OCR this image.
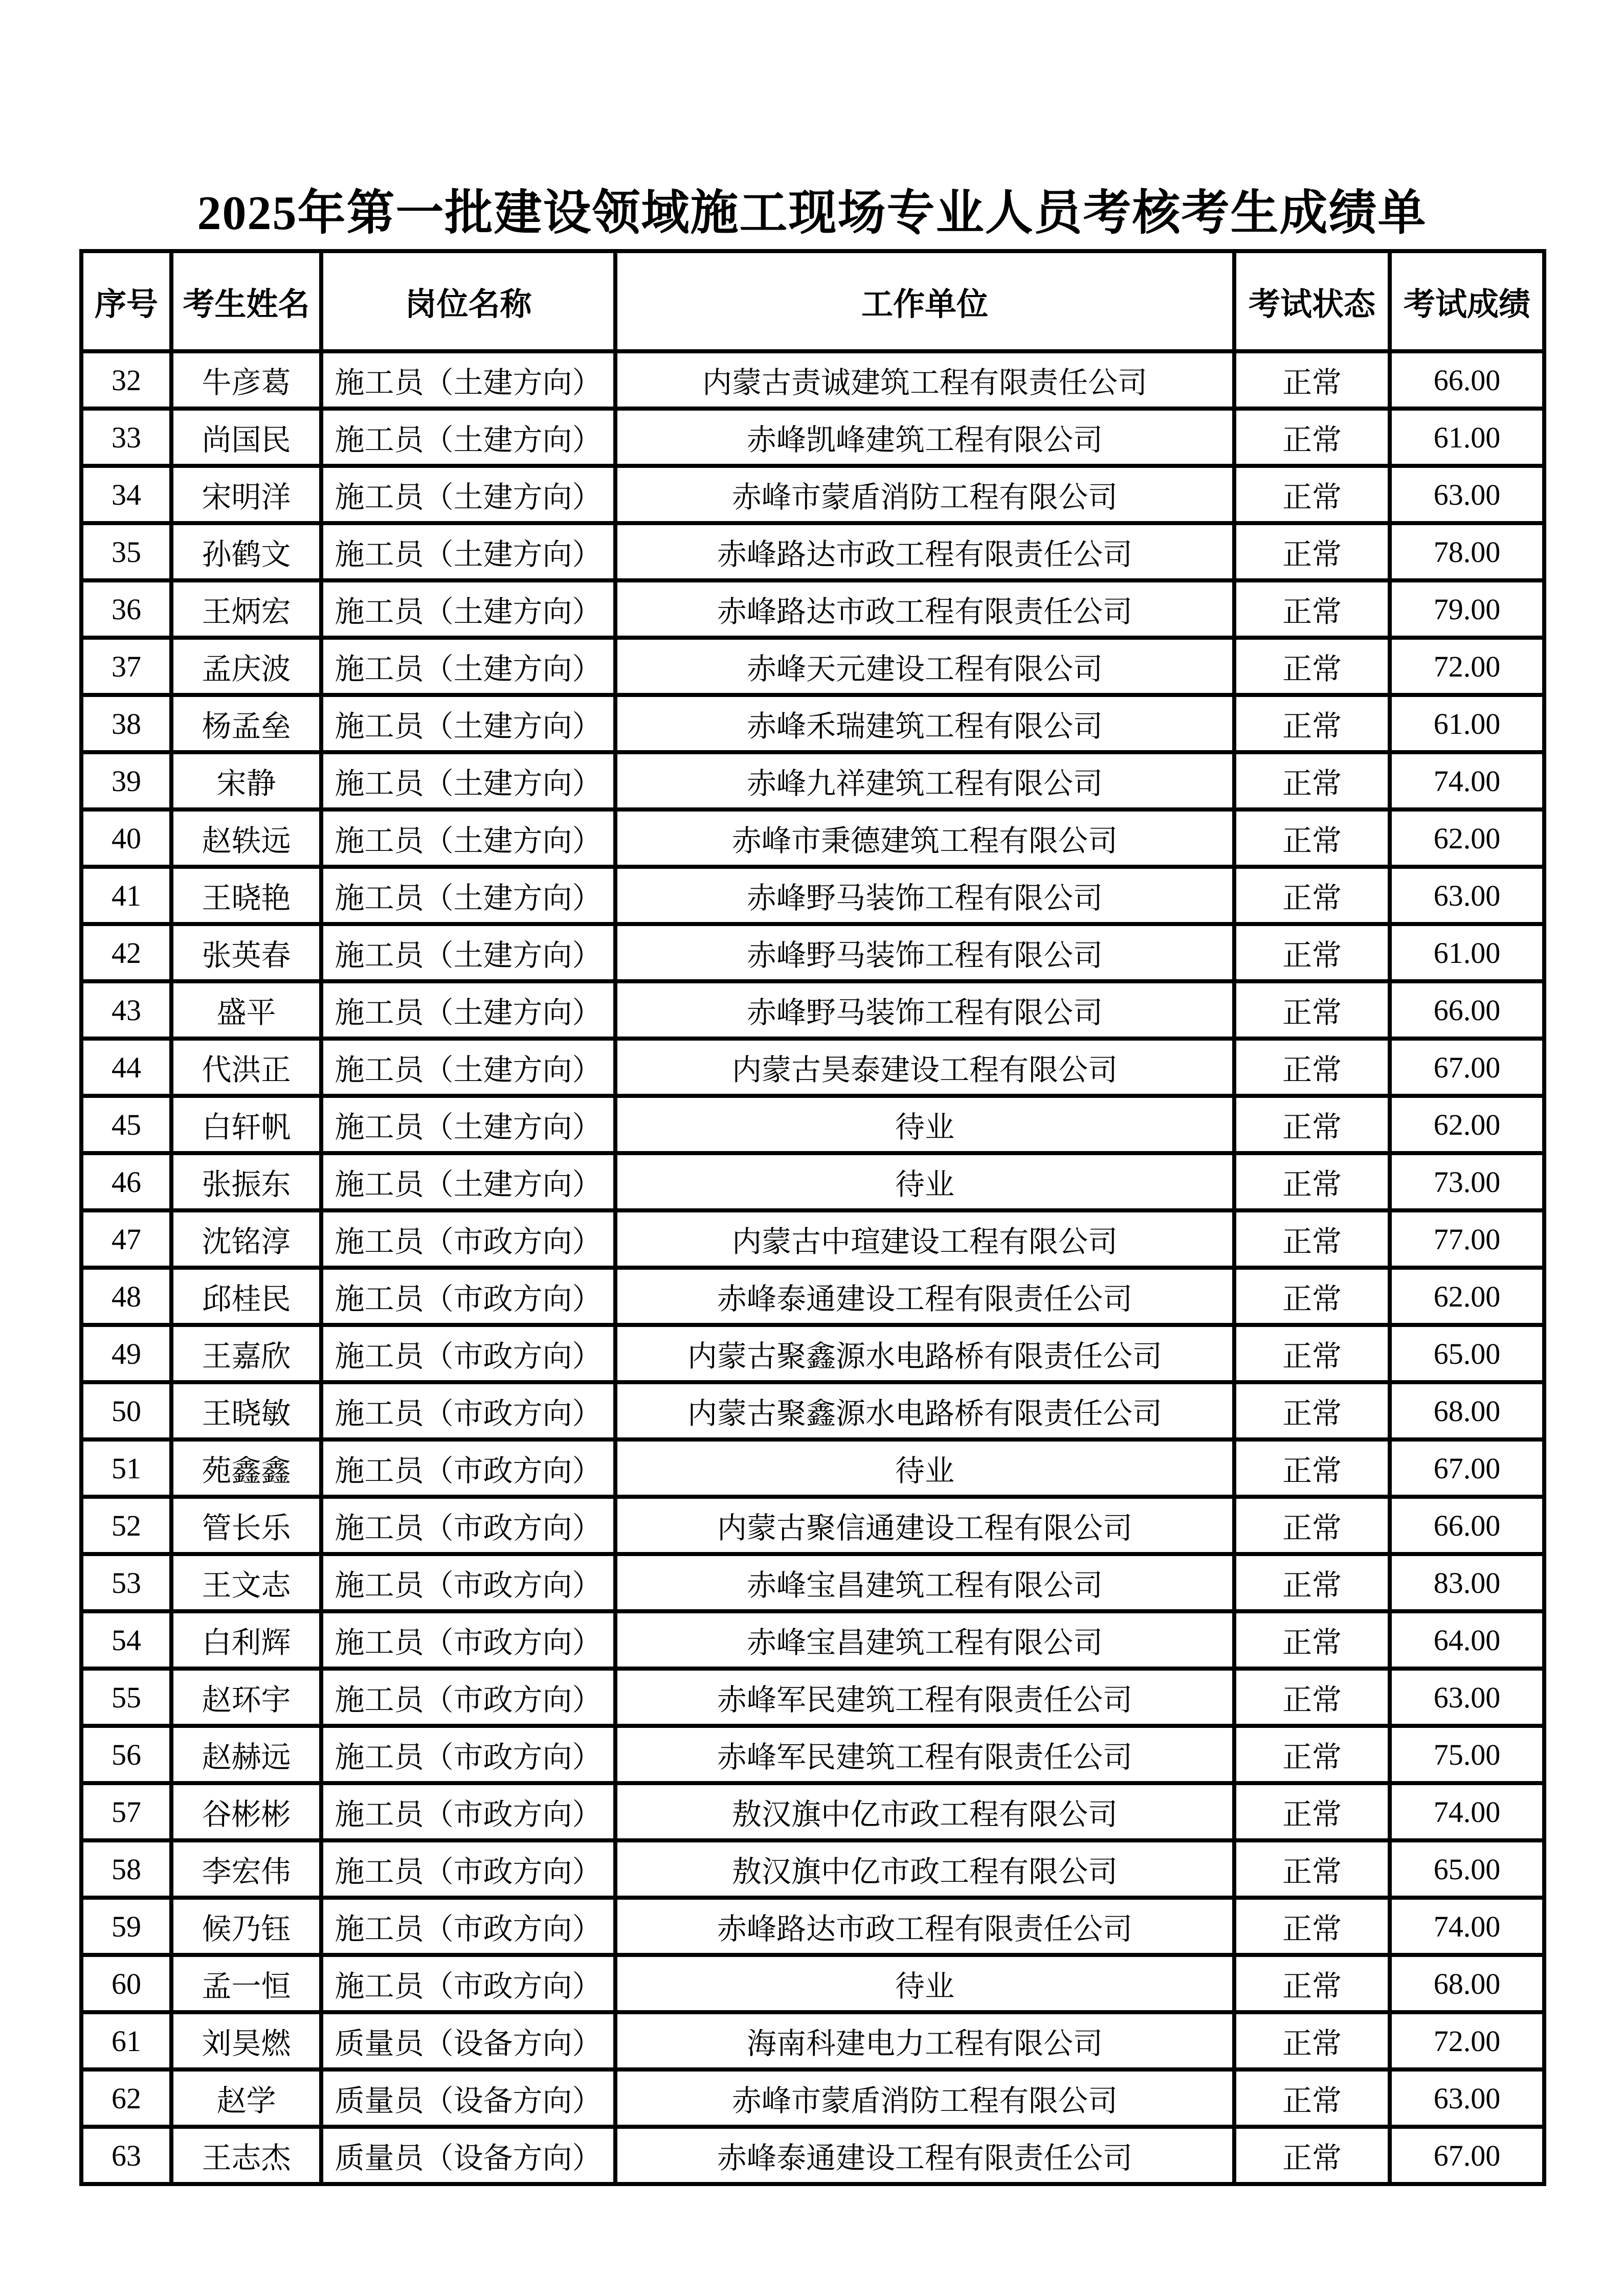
2025年第一批建设领域施工现场专业人员考核考生成绩单
序号	考生姓名	岗位名称	工作单位	考试状态	考试成绩
32	牛彦葛	施工员（土建方向）	内蒙古责诚建筑工程有限责任公司	正常	66.00
33	尚国民	施工员（土建方向）	赤峰凯峰建筑工程有限公司	正常	61.00
34	宋明洋	施工员（土建方向）	赤峰市蒙盾消防工程有限公司	正常	63.00
35	孙鹤文	施工员（土建方向）	赤峰路达市政工程有限责任公司	正常	78.00
36	王炳宏	施工员（土建方向）	赤峰路达市政工程有限责任公司	正常	79.00
37	孟庆波	施工员（土建方向）	赤峰天元建设工程有限公司	正常	72.00
38	杨孟垒	施工员（土建方向）	赤峰禾瑞建筑工程有限公司	正常	61.00
39	宋静	施工员（土建方向）	赤峰九祥建筑工程有限公司	正常	74.00
40	赵轶远	施工员（土建方向）	赤峰市秉德建筑工程有限公司	正常	62.00
41	王晓艳	施工员（土建方向）	赤峰野马装饰工程有限公司	正常	63.00
42	张英春	施工员（土建方向）	赤峰野马装饰工程有限公司	正常	61.00
43	盛平	施工员（土建方向）	赤峰野马装饰工程有限公司	正常	66.00
44	代洪正	施工员（土建方向）	内蒙古昊泰建设工程有限公司	正常	67.00
45	白轩帆	施工员（土建方向）	待业	正常	62.00
46	张振东	施工员（土建方向）	待业	正常	73.00
47	沈铭淳	施工员（市政方向）	内蒙古中瑄建设工程有限公司	正常	77.00
48	邱桂民	施工员（市政方向）	赤峰泰通建设工程有限责任公司	正常	62.00
49	王嘉欣	施工员（市政方向）	内蒙古聚鑫源水电路桥有限责任公司	正常	65.00
50	王晓敏	施工员（市政方向）	内蒙古聚鑫源水电路桥有限责任公司	正常	68.00
51	苑鑫鑫	施工员（市政方向）	待业	正常	67.00
52	管长乐	施工员（市政方向）	内蒙古聚信通建设工程有限公司	正常	66.00
53	王文志	施工员（市政方向）	赤峰宝昌建筑工程有限公司	正常	83.00
54	白利辉	施工员（市政方向）	赤峰宝昌建筑工程有限公司	正常	64.00
55	赵环宇	施工员（市政方向）	赤峰军民建筑工程有限责任公司	正常	63.00
56	赵赫远	施工员（市政方向）	赤峰军民建筑工程有限责任公司	正常	75.00
57	谷彬彬	施工员（市政方向）	敖汉旗中亿市政工程有限公司	正常	74.00
58	李宏伟	施工员（市政方向）	敖汉旗中亿市政工程有限公司	正常	65.00
59	候乃钰	施工员（市政方向）	赤峰路达市政工程有限责任公司	正常	74.00
60	孟一恒	施工员（市政方向）	待业	正常	68.00
61	刘昊燃	质量员（设备方向）	海南科建电力工程有限公司	正常	72.00
62	赵学	质量员（设备方向）	赤峰市蒙盾消防工程有限公司	正常	63.00
63	王志杰	质量员（设备方向）	赤峰泰通建设工程有限责任公司	正常	67.00
